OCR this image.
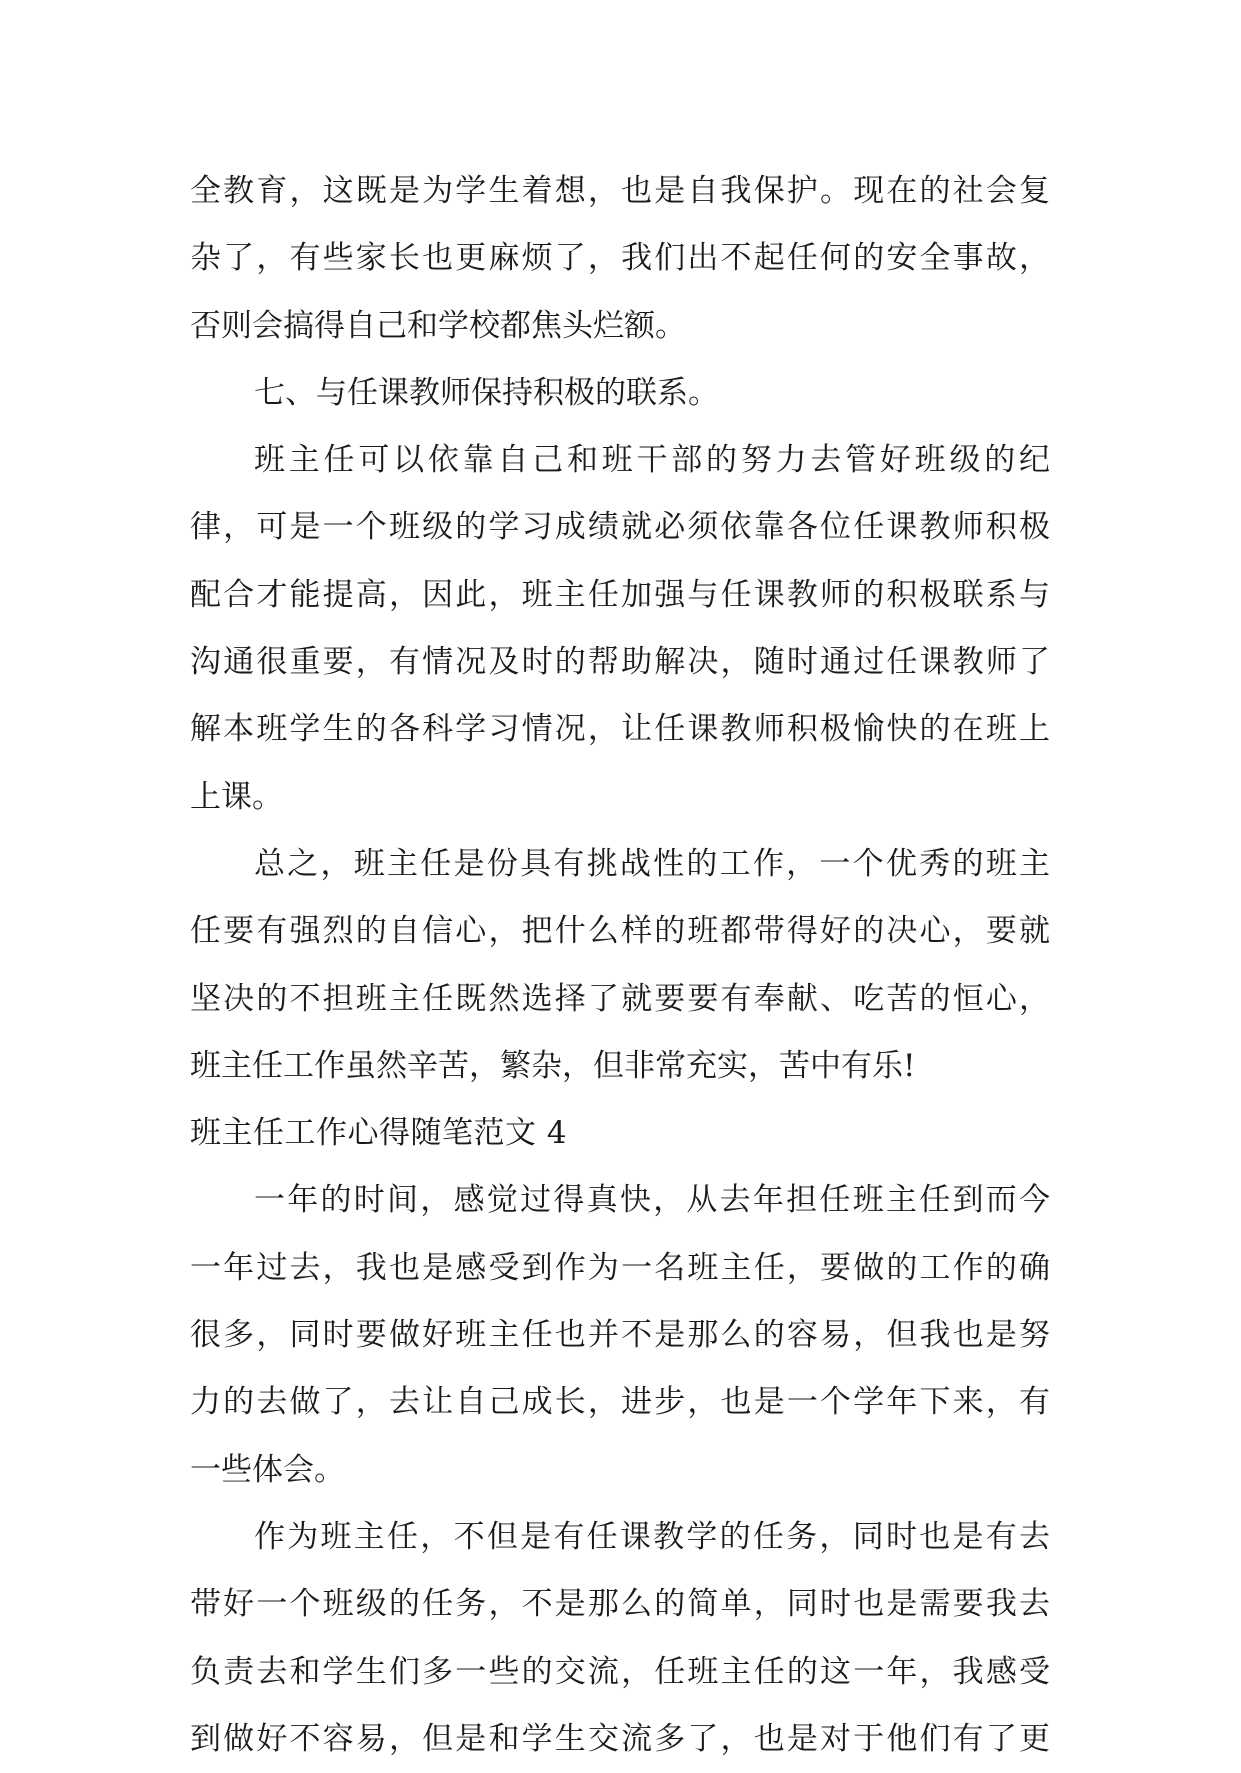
全教育，这既是为学生着想，也是自我保护。现在的社会复
杂了，有些家长也更麻烦了，我们出不起任何的安全事故，
否则会搞得自己和学校都焦头烂额。
七、与任课教师保持积极的联系。
班主任可以依靠自己和班干部的努力去管好班级的纪
律，可是一个班级的学习成绩就必须依靠各位任课教师积极
配合才能提高，因此，班主任加强与任课教师的积极联系与
沟通很重要，有情况及时的帮助解决，随时通过任课教师了
解本班学生的各科学习情况，让任课教师积极愉快的在班上
上课。
总之，班主任是份具有挑战性的工作，一个优秀的班主
任要有强烈的自信心，把什么样的班都带得好的决心，要就
坚决的不担班主任既然选择了就要要有奉献、吃苦的恒心，
班主任工作虽然辛苦，繁杂，但非常充实，苦中有乐!
班主任工作心得随笔范文 4
一年的时间，感觉过得真快，从去年担任班主任到而今
一年过去，我也是感受到作为一名班主任，要做的工作的确
很多，同时要做好班主任也并不是那么的容易，但我也是努
力的去做了，去让自己成长，进步，也是一个学年下来，有
一些体会。
作为班主任，不但是有任课教学的任务，同时也是有去
带好一个班级的任务，不是那么的简单，同时也是需要我去
负责去和学生们多一些的交流，任班主任的这一年，我感受
到做好不容易，但是和学生交流多了，也是对于他们有了更
